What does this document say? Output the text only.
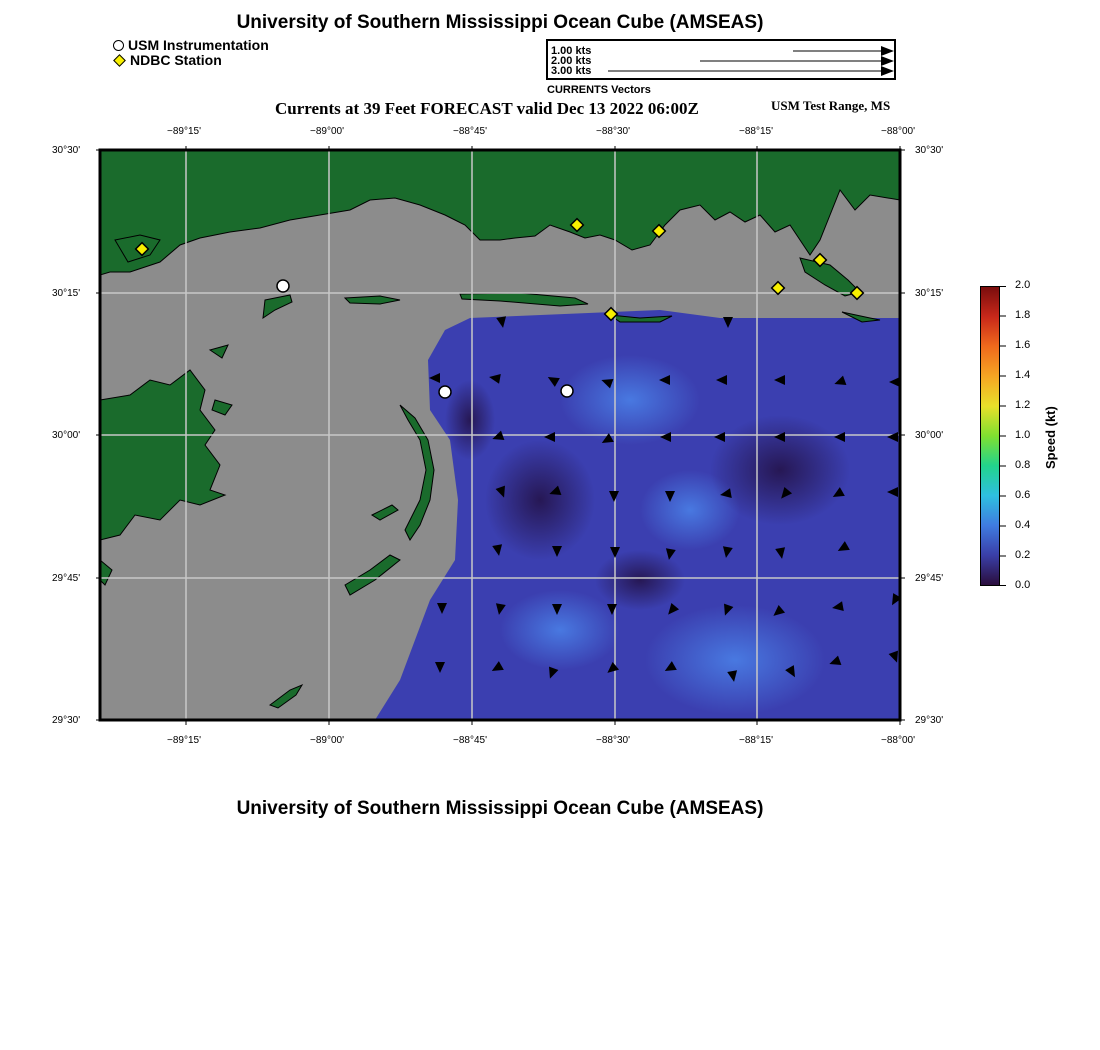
University of Southern Mississippi Ocean Cube (AMSEAS)
USM Instrumentation
NDBC Station
1.00 kts
2.00 kts
3.00 kts
CURRENTS Vectors
Currents at 39 Feet FORECAST valid Dec 13 2022 06:00Z	USM Test Range, MS
−89°15'	−89°00'	−88°45'	−88°30'	−88°15'	−88°00'
−89°15'	−89°00'	−88°45'	−88°30'	−88°15'	−88°00'
30°30'
30°15'
30°00'
29°45'
29°30'
30°30'
30°15'
30°00'
29°45'
29°30'
2.0
1.8
1.6
1.4
1.2
1.0
0.8
0.6
0.4
0.2
0.0
Speed (kt)
University of Southern Mississippi Ocean Cube (AMSEAS)
